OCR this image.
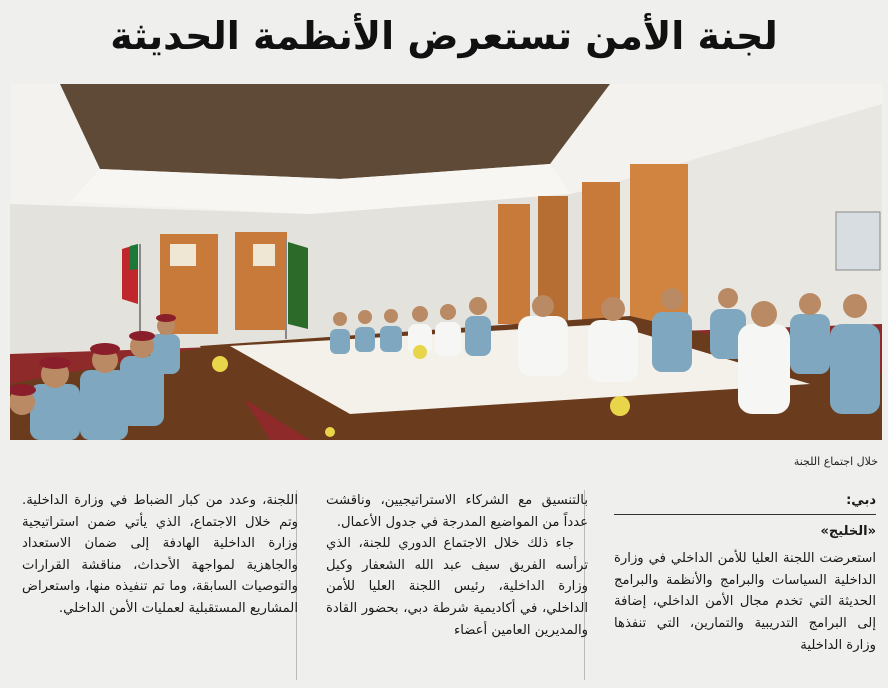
لجنة الأمن تستعرض الأنظمة الحديثة
خلال اجتماع اللجنة
دبي:
«الخليج»

استعرضت اللجنة العليا للأمن الداخلي في وزارة الداخلية السياسات والبرامج والأنظمة والبرامج الحديثة التي تخدم مجال الأمن الداخلي، إضافة إلى البرامج التدريبية والتمارين، التي تنفذها وزارة الداخلية

بالتنسيق مع الشركاء الاستراتيجيين، وناقشت عدداً من المواضيع المدرجة في جدول الأعمال.

جاء ذلك خلال الاجتماع الدوري للجنة، الذي ترأسه الفريق سيف عبد الله الشعفار وكيل وزارة الداخلية، رئيس اللجنة العليا للأمن الداخلي، في أكاديمية شرطة دبي، بحضور القادة والمديرين العامين أعضاء

اللجنة، وعدد من كبار الضباط في وزارة الداخلية. وتم خلال الاجتماع، الذي يأتي ضمن استراتيجية وزارة الداخلية الهادفة إلى ضمان الاستعداد والجاهزية لمواجهة الأحداث، مناقشة القرارات والتوصيات السابقة، وما تم تنفيذه منها، واستعراض المشاريع المستقبلية لعمليات الأمن الداخلي.
